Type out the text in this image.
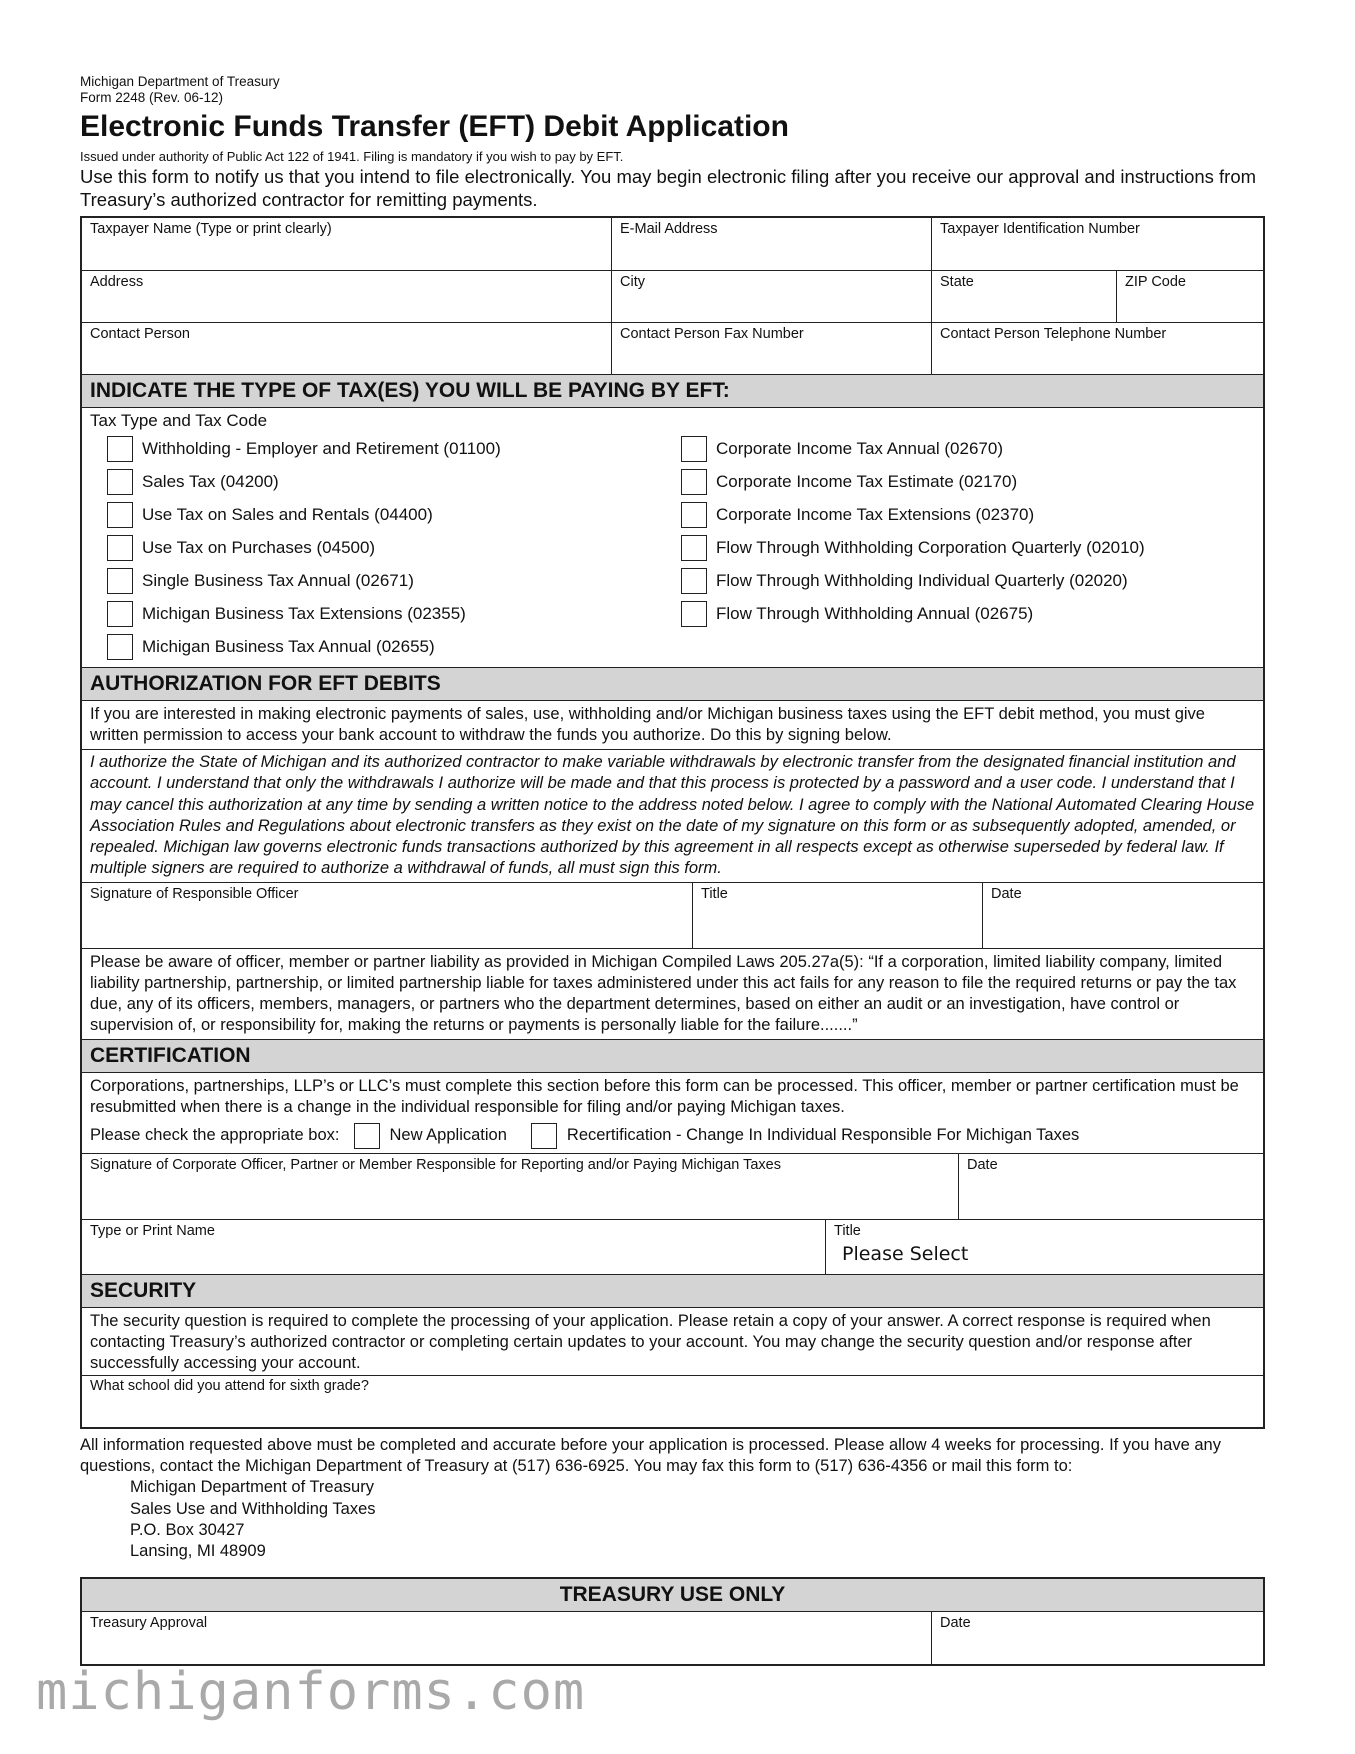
Michigan Department of Treasury
Form 2248 (Rev. 06-12)
Electronic Funds Transfer (EFT) Debit Application
Issued under authority of Public Act 122 of 1941. Filing is mandatory if you wish to pay by EFT.
Use this form to notify us that you intend to file electronically. You may begin electronic filing after you receive our approval and instructions from Treasury’s authorized contractor for remitting payments.
Taxpayer Name (Type or print clearly)	E-Mail Address	Taxpayer Identification Number
Address	City	State	ZIP Code
Contact Person	Contact Person Fax Number	Contact Person Telephone Number
INDICATE THE TYPE OF TAX(ES) YOU WILL BE PAYING BY EFT:
Tax Type and Tax Code
Withholding - Employer and Retirement (01100)
Sales Tax (04200)
Use Tax on Sales and Rentals (04400)
Use Tax on Purchases (04500)
Single Business Tax Annual (02671)
Michigan Business Tax Extensions (02355)
Michigan Business Tax Annual (02655)
Corporate Income Tax Annual (02670)
Corporate Income Tax Estimate (02170)
Corporate Income Tax Extensions (02370)
Flow Through Withholding Corporation Quarterly (02010)
Flow Through Withholding Individual Quarterly (02020)
Flow Through Withholding Annual (02675)
AUTHORIZATION FOR EFT DEBITS
If you are interested in making electronic payments of sales, use, withholding and/or Michigan business taxes using the EFT debit method, you must give written permission to access your bank account to withdraw the funds you authorize. Do this by signing below.
I authorize the State of Michigan and its authorized contractor to make variable withdrawals by electronic transfer from the designated financial institution and account. I understand that only the withdrawals I authorize will be made and that this process is protected by a password and a user code. I understand that I may cancel this authorization at any time by sending a written notice to the address noted below. I agree to comply with the National Automated Clearing House Association Rules and Regulations about electronic transfers as they exist on the date of my signature on this form or as subsequently adopted, amended, or repealed. Michigan law governs electronic funds transactions authorized by this agreement in all respects except as otherwise superseded by federal law. If multiple signers are required to authorize a withdrawal of funds, all must sign this form.
Signature of Responsible Officer	Title	Date
Please be aware of officer, member or partner liability as provided in Michigan Compiled Laws 205.27a(5): “If a corporation, limited liability company, limited liability partnership, partnership, or limited partnership liable for taxes administered under this act fails for any reason to file the required returns or pay the tax due, any of its officers, members, managers, or partners who the department determines, based on either an audit or an investigation, have control or supervision of, or responsibility for, making the returns or payments is personally liable for the failure.......”
CERTIFICATION
Corporations, partnerships, LLP’s or LLC’s must complete this section before this form can be processed. This officer, member or partner certification must be resubmitted when there is a change in the individual responsible for filing and/or paying Michigan taxes.
Please check the appropriate box:	New Application	Recertification - Change In Individual Responsible For Michigan Taxes
Signature of Corporate Officer, Partner or Member Responsible for Reporting and/or Paying Michigan Taxes	Date
Type or Print Name	Title
Please Select
SECURITY
The security question is required to complete the processing of your application. Please retain a copy of your answer. A correct response is required when contacting Treasury’s authorized contractor or completing certain updates to your account. You may change the security question and/or response after successfully accessing your account.
What school did you attend for sixth grade?
All information requested above must be completed and accurate before your application is processed. Please allow 4 weeks for processing. If you have any questions, contact the Michigan Department of Treasury at (517) 636-6925. You may fax this form to (517) 636-4356 or mail this form to:
Michigan Department of Treasury
Sales Use and Withholding Taxes
P.O. Box 30427
Lansing, MI 48909
TREASURY USE ONLY
Treasury Approval	Date
michiganforms.com
